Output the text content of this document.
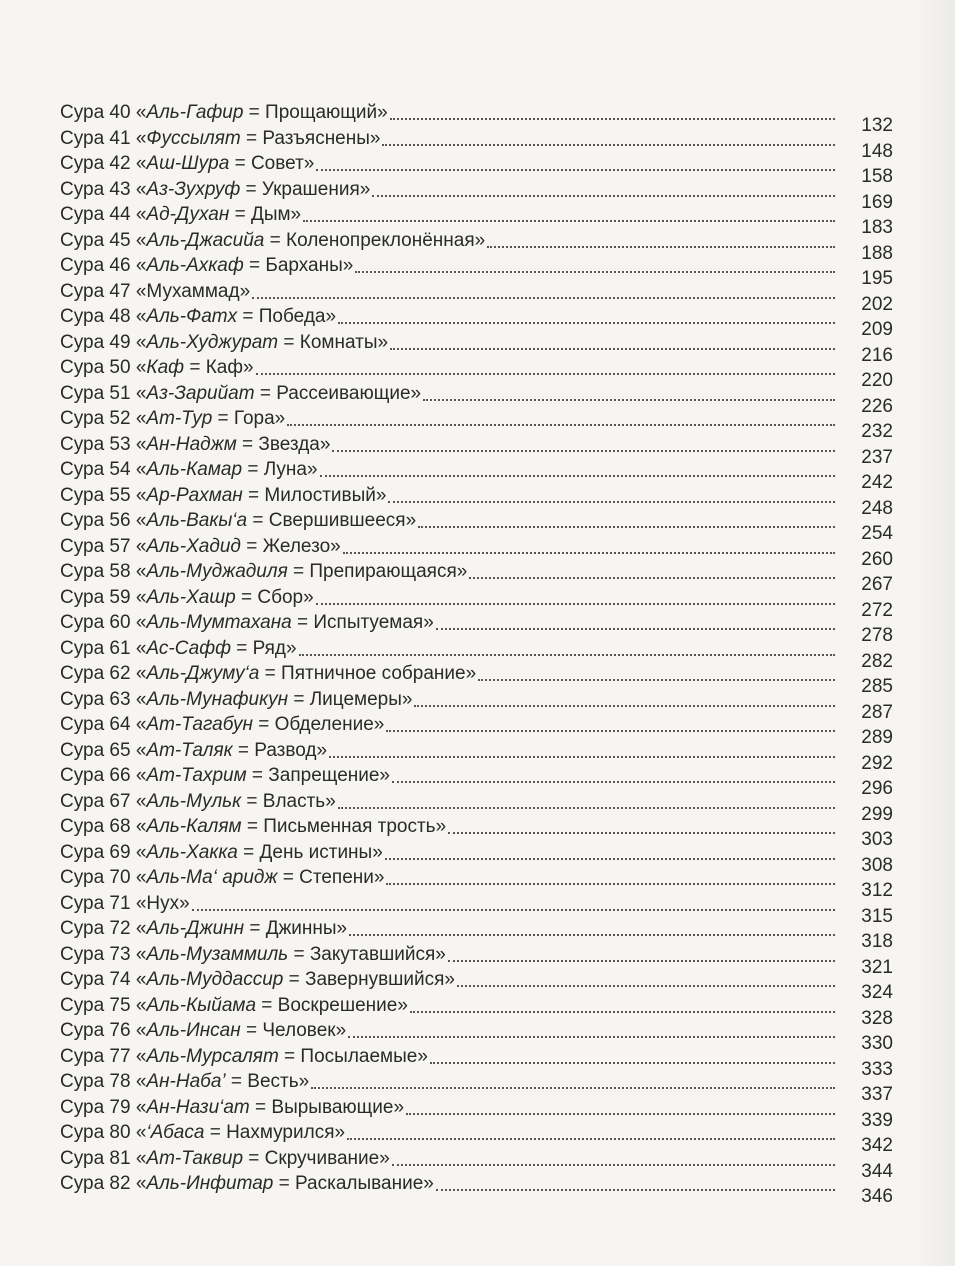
Сура 40 «Аль-Гафир = Прощающий»
132
Сура 41 «Фуссылят = Разъяснены»
148
Сура 42 «Аш-Шура = Совет»
158
Сура 43 «Аз-Зухруф = Украшения»
169
Сура 44 «Ад-Духан = Дым»
183
Сура 45 «Аль-Джасийа = Коленопреклонённая»
188
Сура 46 «Аль-Ахкаф = Барханы»
195
Сура 47 «Мухаммад»
202
Сура 48 «Аль-Фатх = Победа»
209
Сура 49 «Аль-Худжурат = Комнаты»
216
Сура 50 «Каф = Каф»
220
Сура 51 «Аз-Зарийат = Рассеивающие»
226
Сура 52 «Ат-Тур = Гора»
232
Сура 53 «Ан-Наджм = Звезда»
237
Сура 54 «Аль-Камар = Луна»
242
Сура 55 «Ар-Рахман = Милостивый»
248
Сура 56 «Аль-Вакы‘а = Свершившееся»
254
Сура 57 «Аль-Хадид = Железо»
260
Сура 58 «Аль-Муджадиля = Препирающаяся»
267
Сура 59 «Аль-Хашр = Сбор»
272
Сура 60 «Аль-Мумтахана = Испытуемая»
278
Сура 61 «Ас-Сафф = Ряд»
282
Сура 62 «Аль-Джуму‘а = Пятничное собрание»
285
Сура 63 «Аль-Мунафикун = Лицемеры»
287
Сура 64 «Ат-Тагабун = Обделение»
289
Сура 65 «Ат-Таляк = Развод»
292
Сура 66 «Ат-Тахрим = Запрещение»
296
Сура 67 «Аль-Мульк = Власть»
299
Сура 68 «Аль-Калям = Письменная трость»
303
Сура 69 «Аль-Хакка = День истины»
308
Сура 70 «Аль-Ма‘ аридж = Степени»
312
Сура 71 «Нух»
315
Сура 72 «Аль-Джинн = Джинны»
318
Сура 73 «Аль-Музаммиль = Закутавшийся»
321
Сура 74 «Аль-Муддассир = Завернувшийся»
324
Сура 75 «Аль-Кыйама = Воскрешение»
328
Сура 76 «Аль-Инсан = Человек»
330
Сура 77 «Аль-Мурсалят = Посылаемые»
333
Сура 78 «Ан-Наба’ = Весть»
337
Сура 79 «Ан-Нази‘ат = Вырывающие»
339
Сура 80 «‘Абаса = Нахмурился»
342
Сура 81 «Ат-Таквир = Скручивание»
344
Сура 82 «Аль-Инфитар = Раскалывание»
346
